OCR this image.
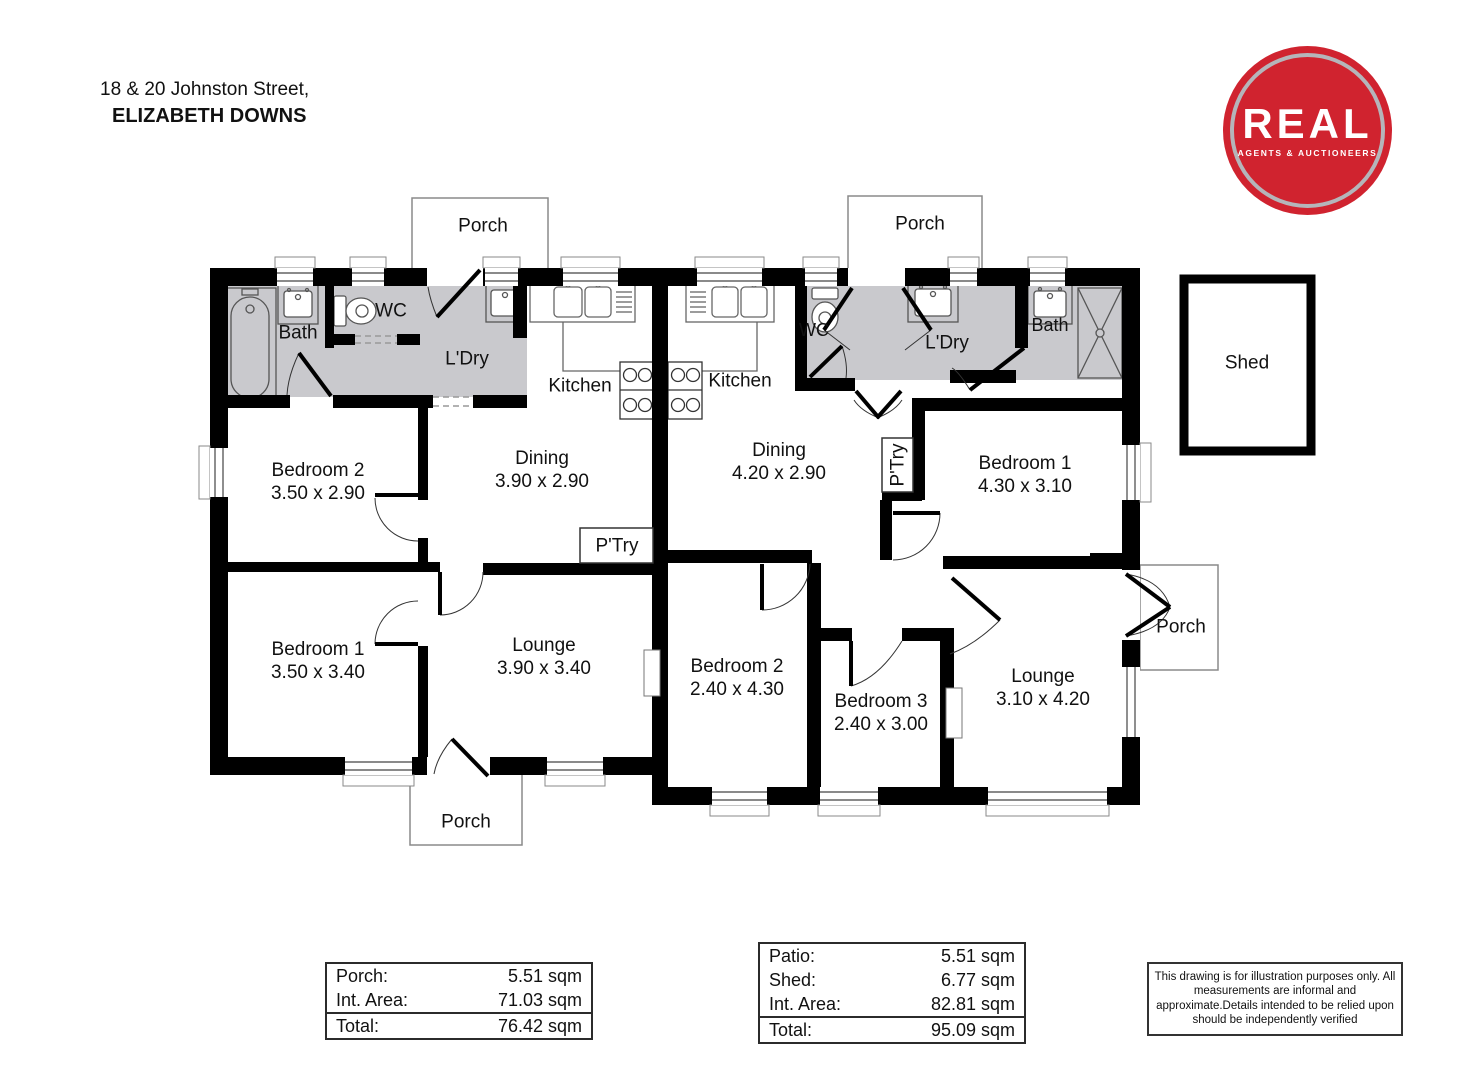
18 & 20 Johnston Street,
ELIZABETH DOWNS	REAL
AGENTS & AUCTIONEERS
Porch
Bath
WC
L'Dry
Kitchen
Dining
3.90 x 2.90
Bedroom 2
3.50 x 2.90
P'Try
Bedroom 1
3.50 x 3.40
Lounge
3.90 x 3.40
Porch
Kitchen
WC
Porch
L'Dry
Bath
Dining
4.20 x 2.90	P'Try	Bedroom 1
4.30 x 3.10
Bedroom 2
2.40 x 4.30
Bedroom 3
2.40 x 3.00
Lounge
3.10 x 4.20
Porch
Shed
Porch:	5.51 sqm
Int. Area:	71.03 sqm
Total:	76.42 sqm
Patio:	5.51 sqm
Shed:	6.77 sqm
Int. Area:	82.81 sqm
Total:	95.09 sqm
This drawing is for illustration purposes only. All measurements are informal and approximate.Details intended to be relied upon should be independently verified
